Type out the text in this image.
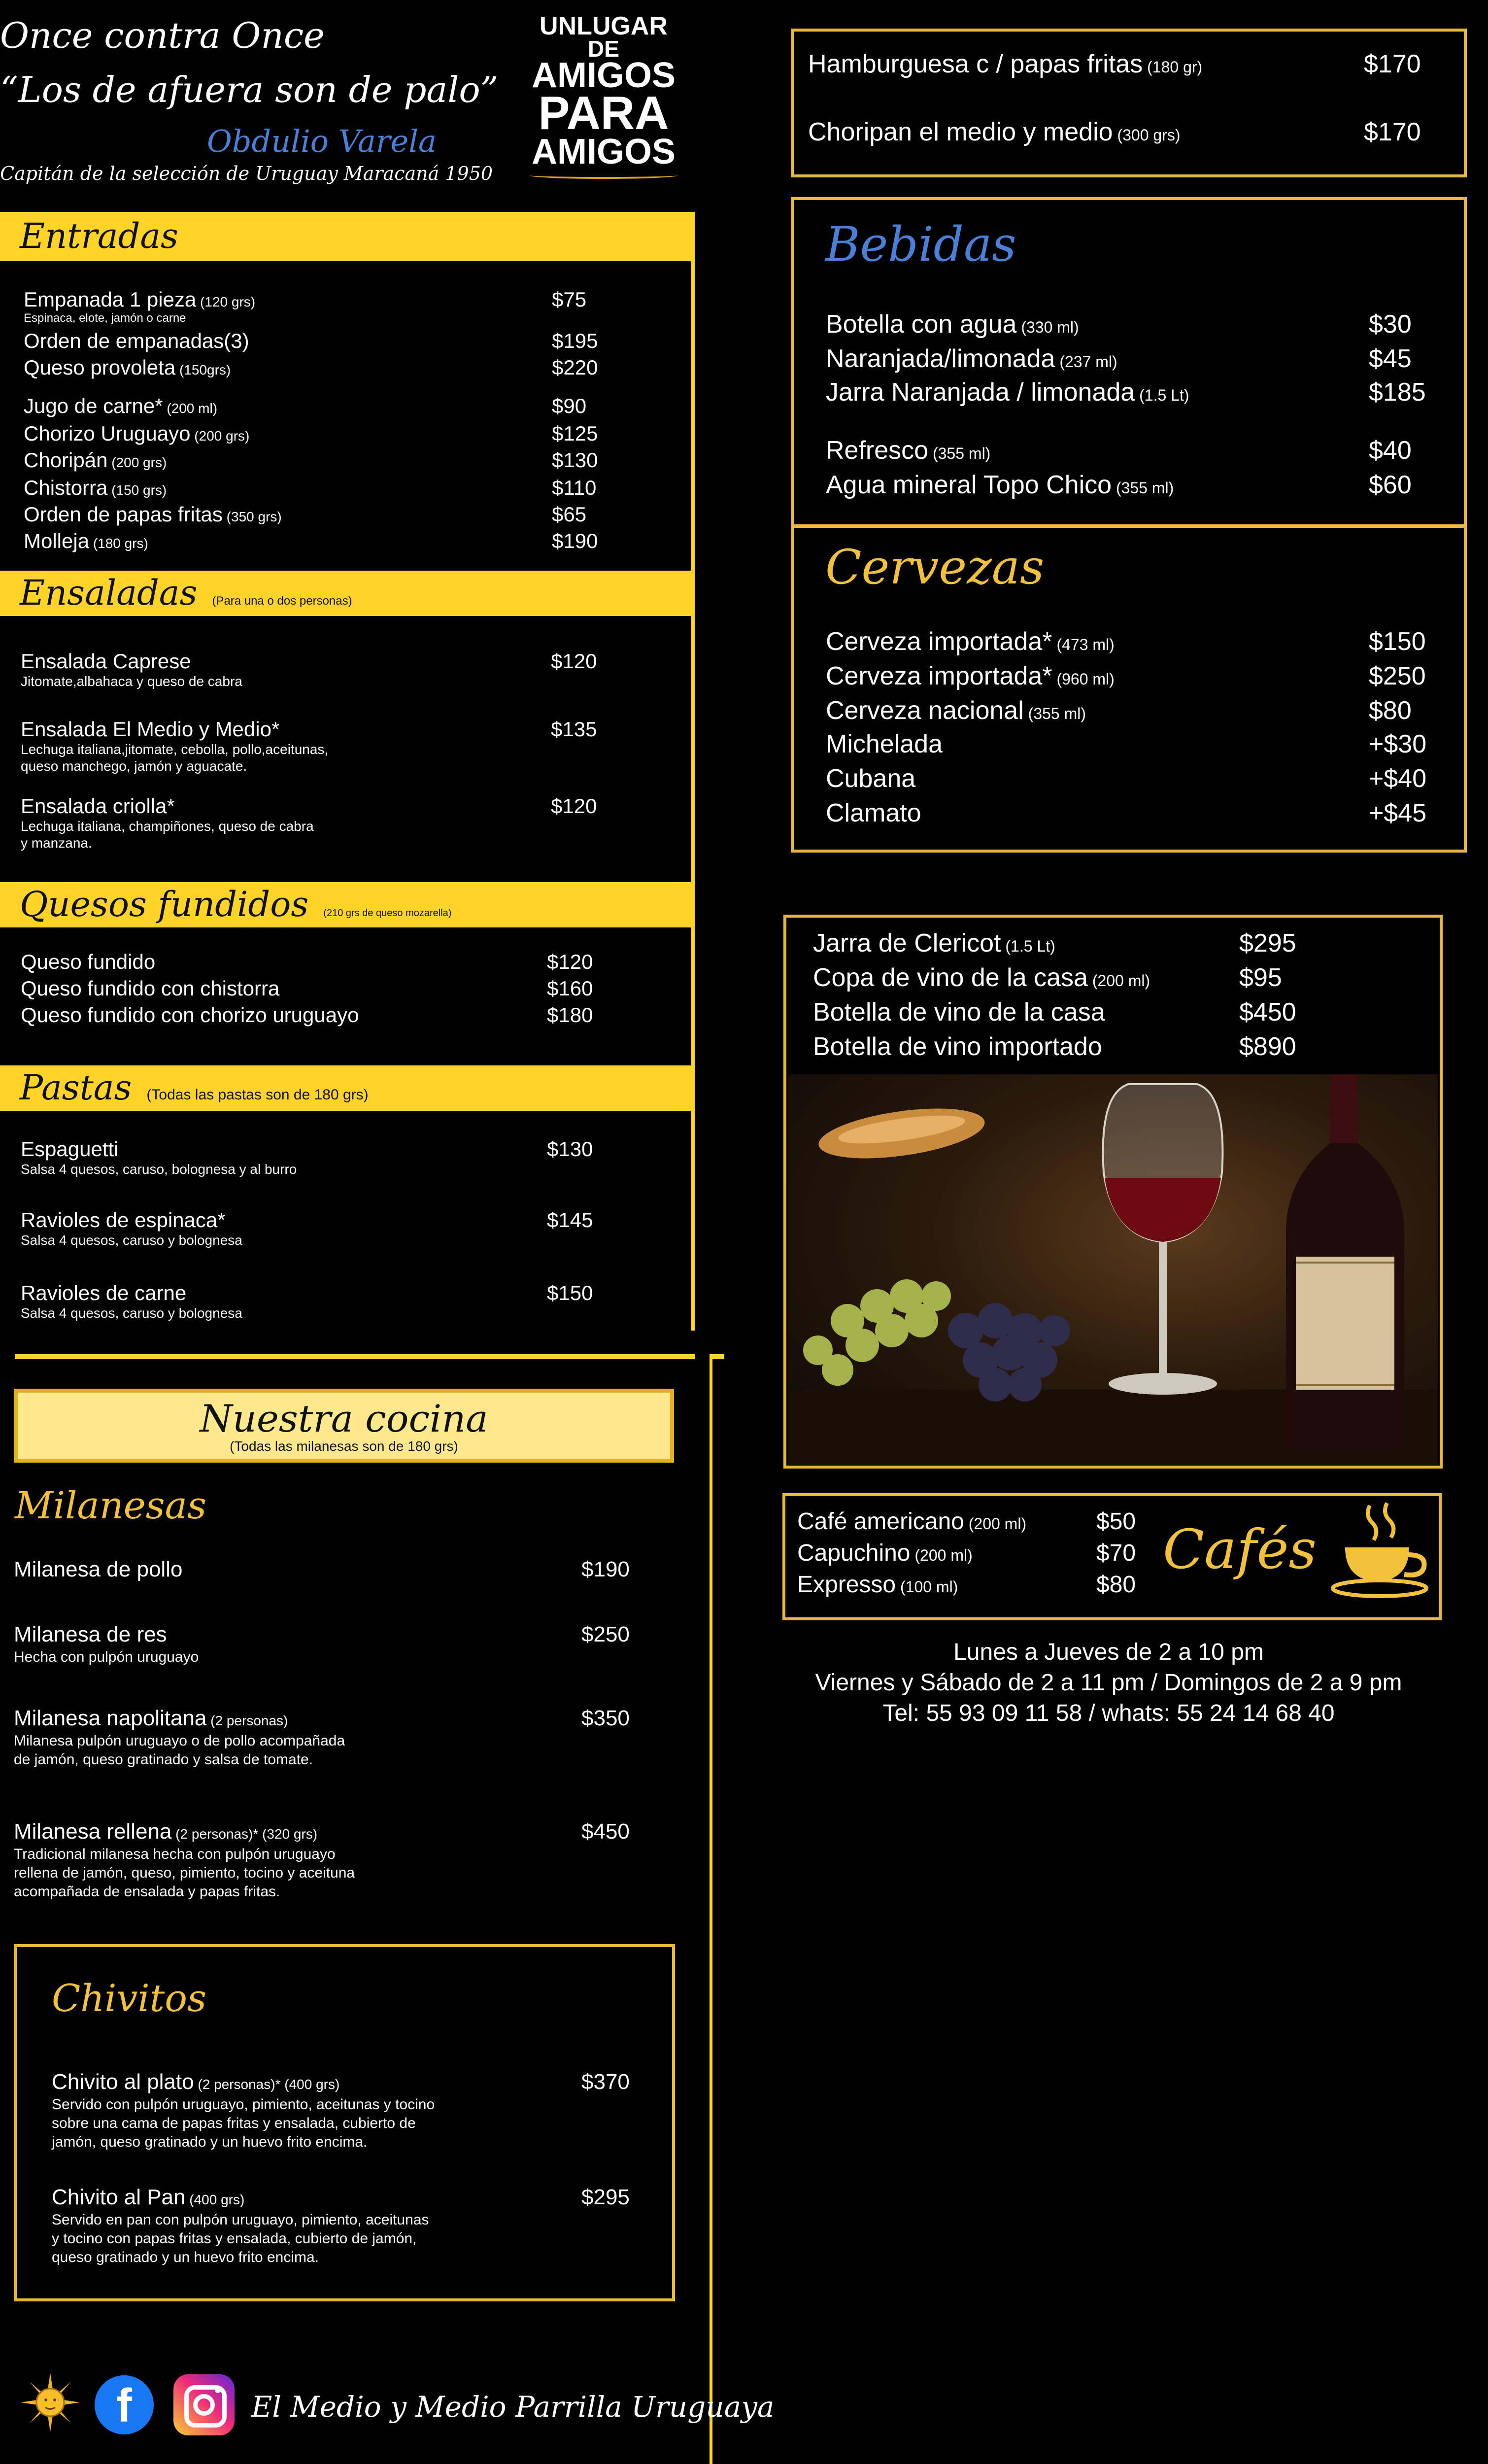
Once contra Once
“Los de afuera son de palo”
Obdulio Varela
Capitán de la selección de Uruguay Maracaná 1950
UNLUGAR
DE
AMIGOS
PARA
AMIGOS
Entradas
Empanada 1 pieza (120 grs)	$75
Espinaca, elote, jamón o carne
Orden de empanadas(3)	$195
Queso provoleta (150grs)	$220
Jugo de carne* (200 ml)	$90
Chorizo Uruguayo (200 grs)	$125
Choripán (200 grs)	$130
Chistorra (150 grs)	$110
Orden de papas fritas (350 grs)	$65
Molleja (180 grs)	$190
Ensaladas (Para una o dos personas)
Ensalada Caprese	$120
Jitomate,albahaca y queso de cabra
Ensalada El Medio y Medio*	$135
Lechuga italiana,jitomate, cebolla, pollo,aceitunas,
queso manchego, jamón y aguacate.
Ensalada criolla*	$120
Lechuga italiana, champiñones, queso de cabra
y manzana.
Quesos fundidos (210 grs de queso mozarella)
Queso fundido	$120
Queso fundido con chistorra	$160
Queso fundido con chorizo uruguayo	$180
Pastas (Todas las pastas son de 180 grs)
Espaguetti	$130
Salsa 4 quesos, caruso, bolognesa y al burro
Ravioles de espinaca*	$145
Salsa 4 quesos, caruso y bolognesa
Ravioles de carne	$150
Salsa 4 quesos, caruso y bolognesa
Nuestra cocina
(Todas las milanesas son de 180 grs)
Milanesas
Milanesa de pollo	$190
Milanesa de res	$250
Hecha con pulpón uruguayo
Milanesa napolitana (2 personas)	$350
Milanesa pulpón uruguayo o de pollo acompañada
de jamón, queso gratinado y salsa de tomate.
Milanesa rellena (2 personas)* (320 grs)	$450
Tradicional milanesa hecha con pulpón uruguayo
rellena de jamón, queso, pimiento, tocino y aceituna
acompañada de ensalada y papas fritas.
Chivitos
Chivito al plato (2 personas)* (400 grs)	$370
Servido con pulpón uruguayo, pimiento, aceitunas y tocino
sobre una cama de papas fritas y ensalada, cubierto de
jamón, queso gratinado y un huevo frito encima.
Chivito al Pan (400 grs)	$295
Servido en pan con pulpón uruguayo, pimiento, aceitunas
y tocino con papas fritas y ensalada, cubierto de jamón,
queso gratinado y un huevo frito encima.
f	El Medio y Medio Parrilla Uruguaya
Hamburguesa c / papas fritas (180 gr)	$170
Choripan el medio y medio (300 grs)	$170
Bebidas
Botella con agua (330 ml)	$30
Naranjada/limonada (237 ml)	$45
Jarra Naranjada / limonada (1.5 Lt)	$185
Refresco (355 ml)	$40
Agua mineral Topo Chico (355 ml)	$60
Cervezas
Cerveza importada* (473 ml)	$150
Cerveza importada* (960 ml)	$250
Cerveza nacional (355 ml)	$80
Michelada	+$30
Cubana	+$40
Clamato	+$45
Jarra de Clericot (1.5 Lt)	$295
Copa de vino de la casa (200 ml)	$95
Botella de vino de la casa	$450
Botella de vino importado	$890
Café americano (200 ml)	$50
Capuchino (200 ml)	$70
Expresso (100 ml)	$80
Cafés
Lunes a Jueves de 2 a 10 pm
Viernes y Sábado de 2 a 11 pm / Domingos de 2 a 9 pm
Tel: 55 93 09 11 58 / whats: 55 24 14 68 40
